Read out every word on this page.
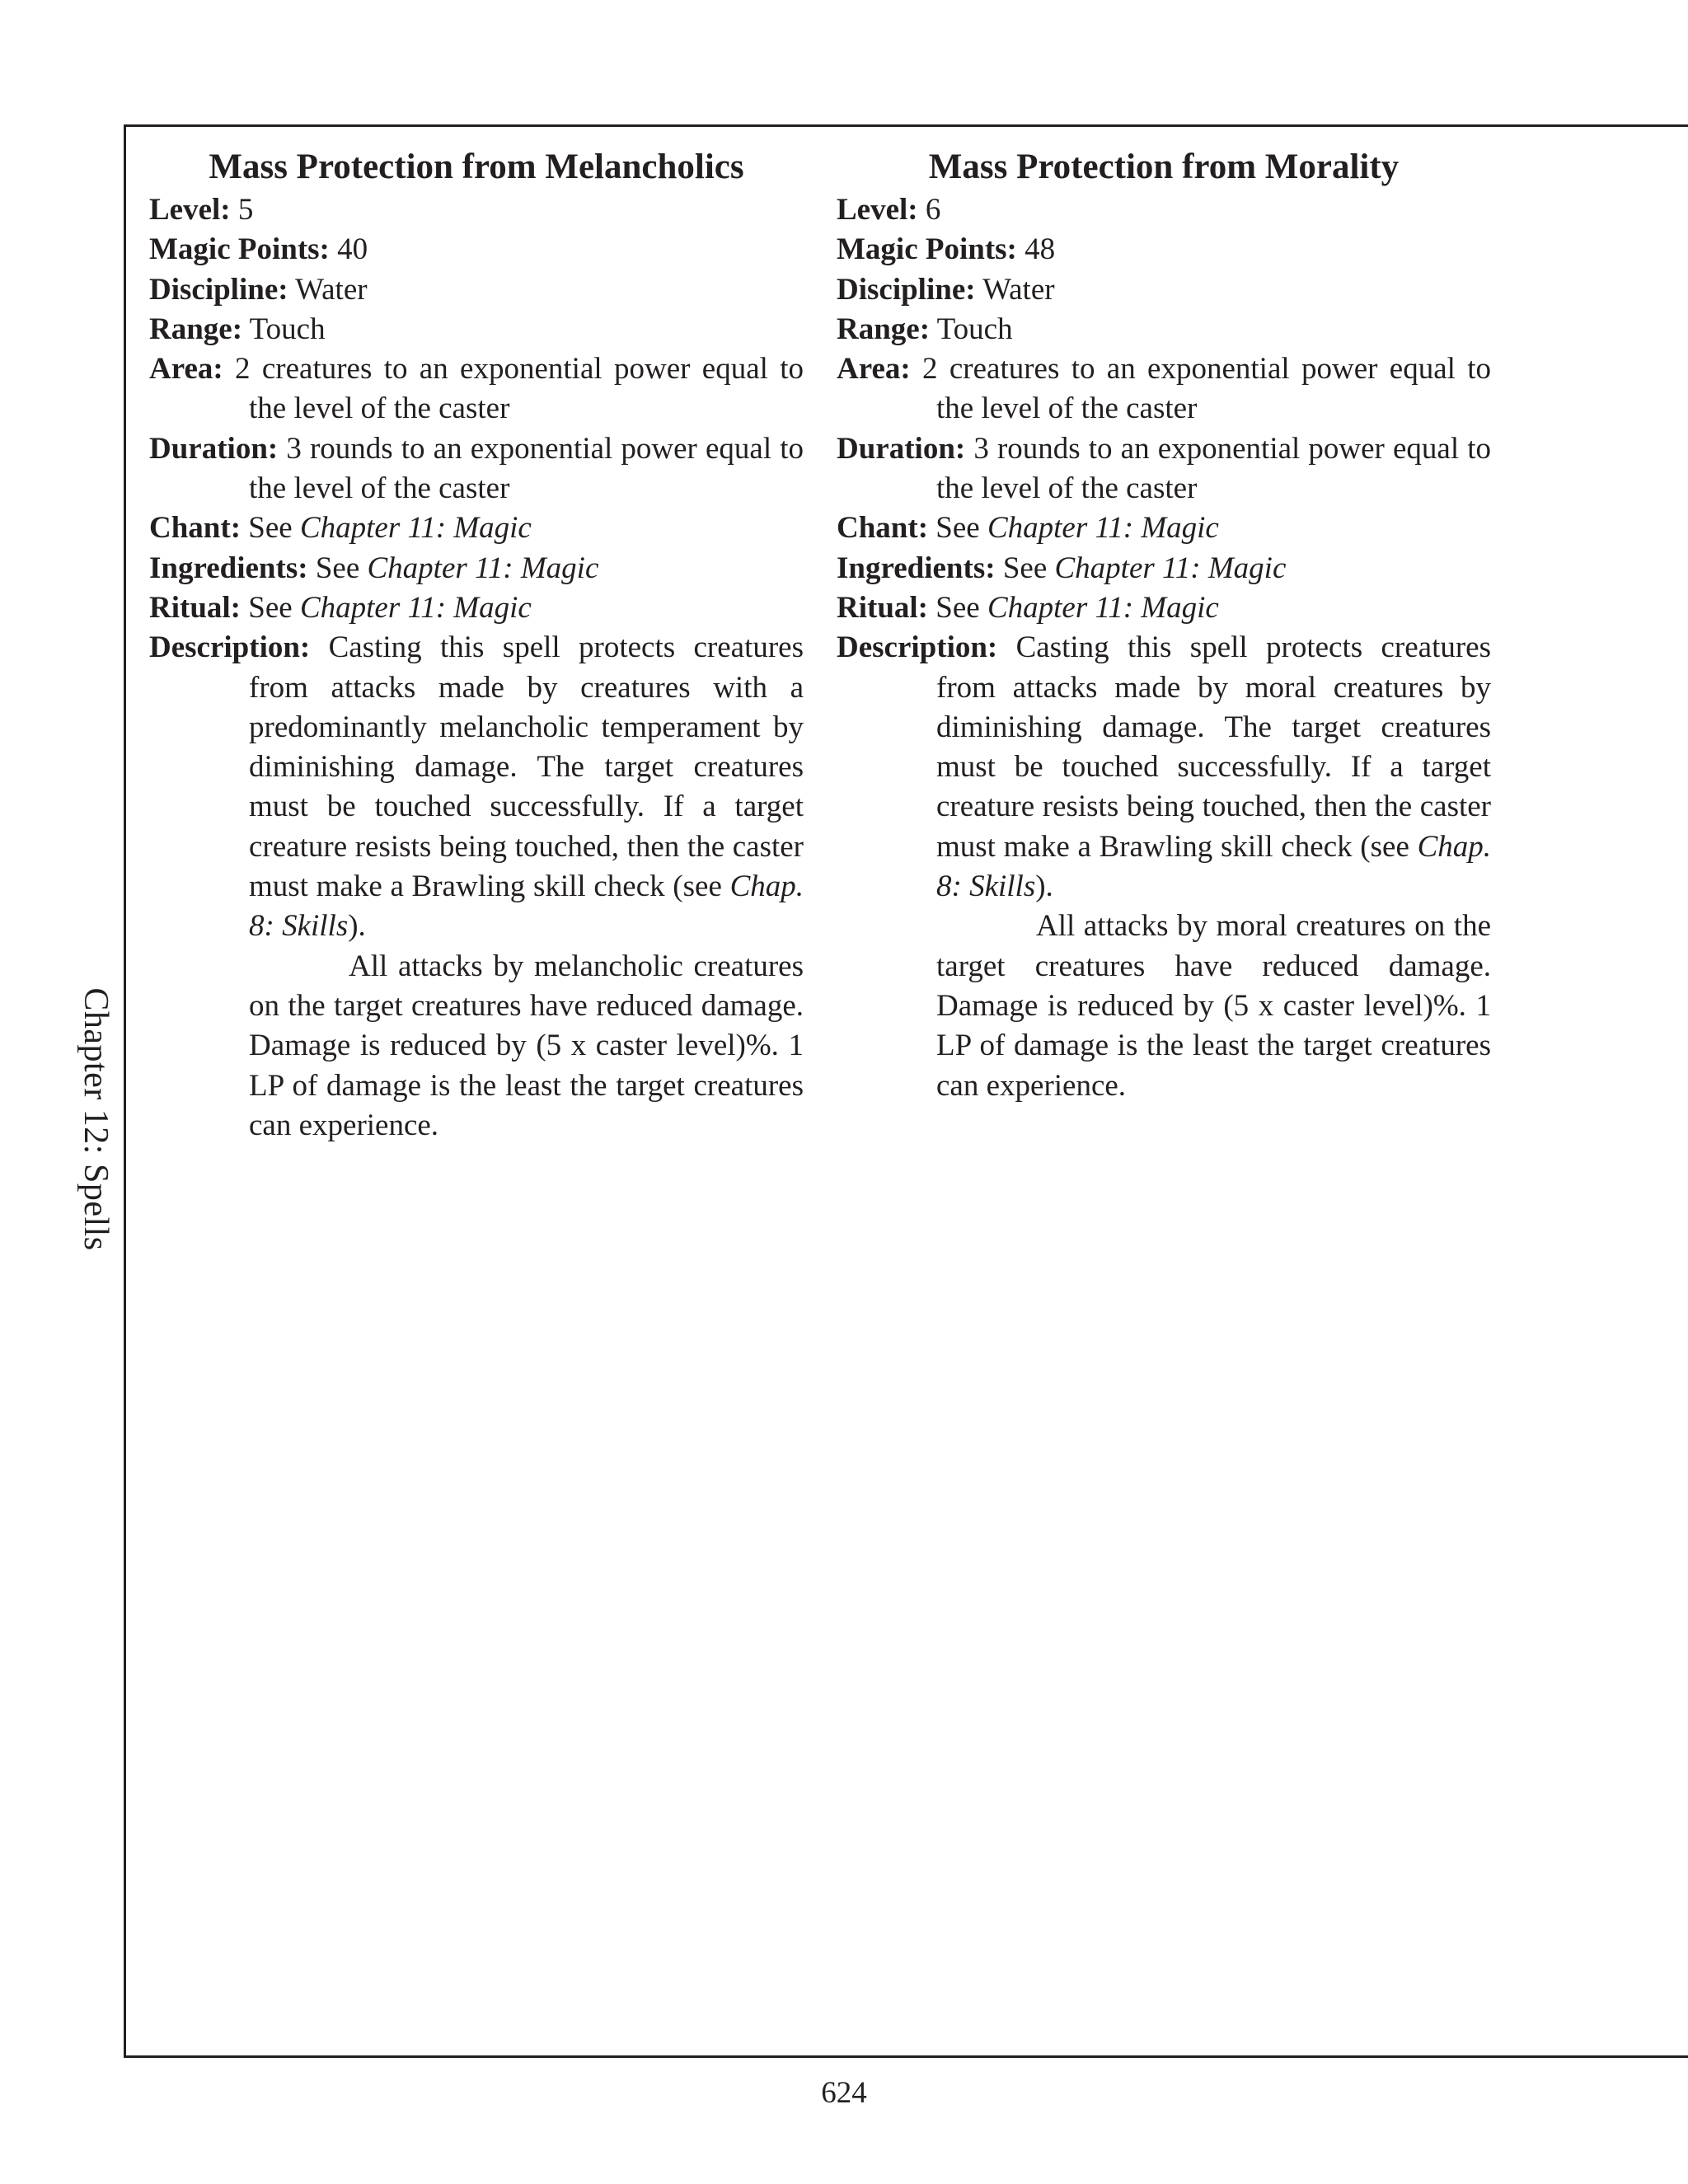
Chapter 12: Spells
Mass Protection from Melancholics

Level: 5

Magic Points: 40

Discipline: Water

Range: Touch

Area: 2 creatures to an exponential power equal to the level of the caster

Duration: 3 rounds to an exponential power equal to the level of the caster

Chant: See Chapter 11: Magic

Ingredients: See Chapter 11: Magic

Ritual: See Chapter 11: Magic

Description: Casting this spell protects creatures from attacks made by creatures with a predominantly melancholic temperament by diminishing damage. The target creatures must be touched successfully. If a target creature resists being touched, then the caster must make a Brawling skill check (see Chap. 8: Skills).

All attacks by melancholic creatures on the target creatures have reduced damage. Damage is reduced by (5 x caster level)%. 1 LP of damage is the least the target creatures can experience.

Mass Protection from Morality

Level: 6

Magic Points: 48

Discipline: Water

Range: Touch

Area: 2 creatures to an exponential power equal to the level of the caster

Duration: 3 rounds to an exponential power equal to the level of the caster

Chant: See Chapter 11: Magic

Ingredients: See Chapter 11: Magic

Ritual: See Chapter 11: Magic

Description: Casting this spell protects creatures from attacks made by moral creatures by diminishing damage. The target creatures must be touched successfully. If a target creature resists being touched, then the caster must make a Brawling skill check (see Chap. 8: Skills).

All attacks by moral creatures on the target creatures have reduced damage. Damage is reduced by (5 x caster level)%. 1 LP of damage is the least the target creatures can experience.

624
